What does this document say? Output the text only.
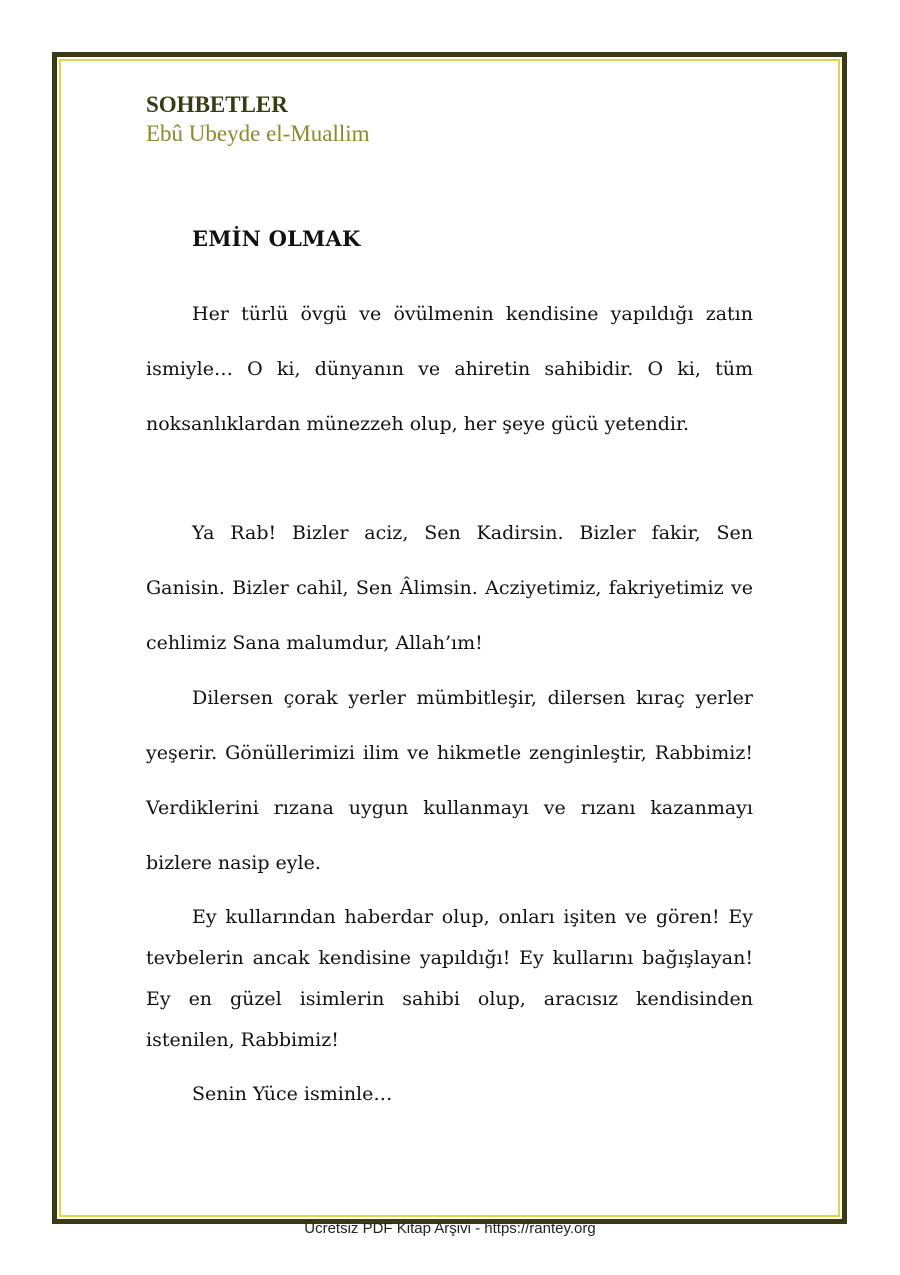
SOHBETLER
Ebû Ubeyde el-Muallim
EMİN OLMAK

Her türlü övgü ve övülmenin kendisine yapıldığı zatın ismiyle… O ki, dünyanın ve ahiretin sahibidir. O ki, tüm noksanlıklardan münezzeh olup, her şeye gücü yetendir.

Ya Rab! Bizler aciz, Sen Kadirsin. Bizler fakir, Sen Ganisin. Bizler cahil, Sen Âlimsin. Acziyetimiz, fakriyetimiz ve cehlimiz Sana malumdur, Allah’ım!

Dilersen çorak yerler mümbitleşir, dilersen kıraç yerler yeşerir. Gönüllerimizi ilim ve hikmetle zenginleştir, Rabbimiz! Verdiklerini rızana uygun kullanmayı ve rızanı kazanmayı bizlere nasip eyle.

Ey kullarından haberdar olup, onları işiten ve gören! Ey tevbelerin ancak kendisine yapıldığı! Ey kullarını bağışlayan! Ey en güzel isimlerin sahibi olup, aracısız kendisinden istenilen, Rabbimiz!

Senin Yüce isminle…

Ücretsiz PDF Kitap Arşivi - https://rantey.org
